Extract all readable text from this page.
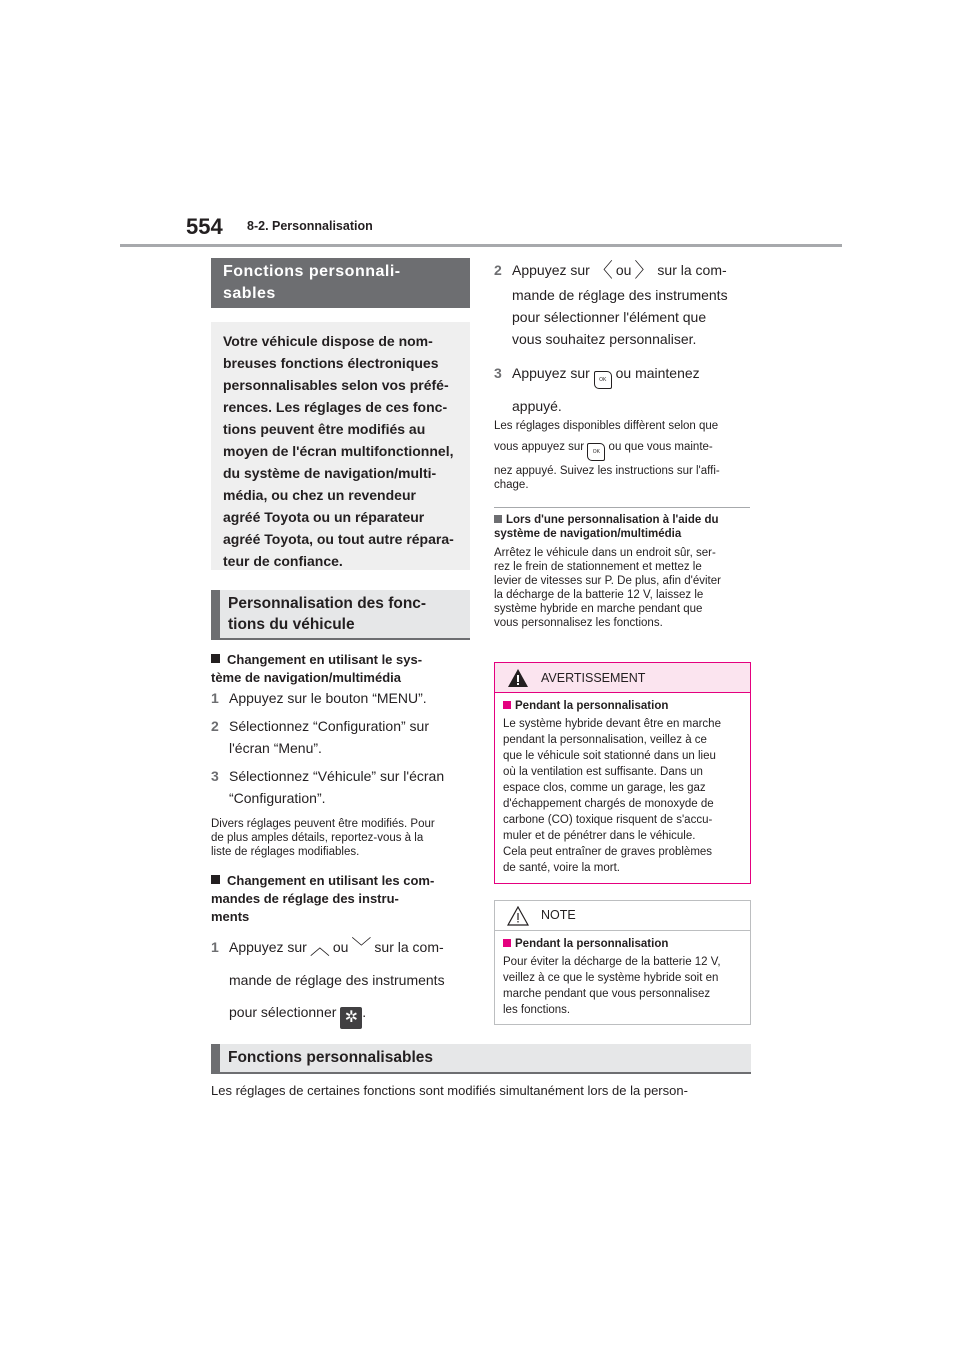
554 8-2. Personnalisation
Fonctions personnali-
sables
Votre véhicule dispose de nom-
breuses fonctions électroniques
personnalisables selon vos préfé-
rences. Les réglages de ces fonc-
tions peuvent être modifiés au
moyen de l'écran multifonctionnel,
du système de navigation/multi-
média, ou chez un revendeur
agréé Toyota ou un réparateur
agréé Toyota, ou tout autre répara-
teur de confiance.
Personnalisation des fonc-
tions du véhicule
Changement en utilisant le sys-
tème de navigation/multimédia
1 Appuyez sur le bouton “MENU”.
2 Sélectionnez “Configuration” sur
l'écran “Menu”.
3 Sélectionnez “Véhicule” sur l'écran
“Configuration”.
Divers réglages peuvent être modifiés. Pour
de plus amples détails, reportez-vous à la
liste de réglages modifiables.
Changement en utilisant les com-
mandes de réglage des instru-
ments
1 Appuyez sur ︿ ou ﹀ sur la com-
mande de réglage des instruments
pour sélectionner ✲ .
2 Appuyez sur 〈 ou 〉 sur la com-
mande de réglage des instruments
pour sélectionner l'élément que
vous souhaitez personnaliser.
3 Appuyez sur OK ou maintenez
appuyé.
Les réglages disponibles diffèrent selon que
vous appuyez sur OK ou que vous mainte-
nez appuyé. Suivez les instructions sur l'affi-
chage.
Lors d'une personnalisation à l'aide du
système de navigation/multimédia
Arrêtez le véhicule dans un endroit sûr, ser-
rez le frein de stationnement et mettez le
levier de vitesses sur P. De plus, afin d'éviter
la décharge de la batterie 12 V, laissez le
système hybride en marche pendant que
vous personnalisez les fonctions.
AVERTISSEMENT
Pendant la personnalisation
Le système hybride devant être en marche
pendant la personnalisation, veillez à ce
que le véhicule soit stationné dans un lieu
où la ventilation est suffisante. Dans un
espace clos, comme un garage, les gaz
d'échappement chargés de monoxyde de
carbone (CO) toxique risquent de s'accu-
muler et de pénétrer dans le véhicule.
Cela peut entraîner de graves problèmes
de santé, voire la mort.
NOTE
Pendant la personnalisation
Pour éviter la décharge de la batterie 12 V,
veillez à ce que le système hybride soit en
marche pendant que vous personnalisez
les fonctions.
Fonctions personnalisables
Les réglages de certaines fonctions sont modifiés simultanément lors de la person-
